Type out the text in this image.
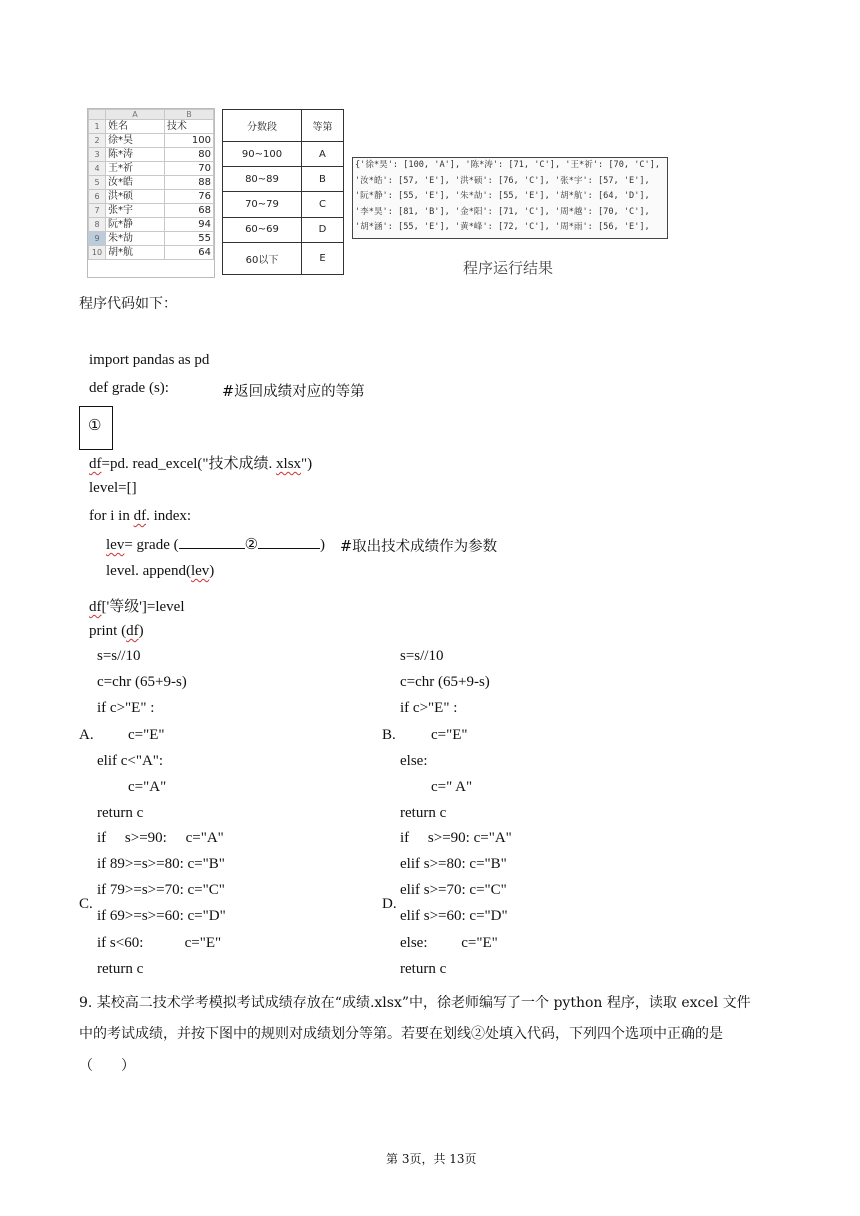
	A	B
1	姓名	技术
2	徐*昊	100
3	陈*涛	80
4	王*祈	70
5	汝*皓	88
6	洪*硕	76
7	张*宇	68
8	阮*静	94
9	朱*劼	55
10	胡*航	64
分数段	等第
90~100	A
80~89	B
70~79	C
60~69	D
60以下	E
{'徐*昊': [100, 'A'], '陈*涛': [71, 'C'], '王*祈': [70, 'C'],
'汝*皓': [57, 'E'], '洪*硕': [76, 'C'], '张*宇': [57, 'E'],
'阮*静': [55, 'E'], '朱*劼': [55, 'E'], '胡*航': [64, 'D'],
'李*昊': [81, 'B'], '金*阳': [71, 'C'], '周*越': [70, 'C'],
'胡*涵': [55, 'E'], '黄*峰': [72, 'C'], '周*雨': [56, 'E'],
程序运行结果
程序代码如下：
import pandas as pd
def grade (s):	#返回成绩对应的等第
①
df=pd. read_excel("技术成绩. xlsx")
level=[]
for i in df. index:
lev= grade (	②	) #取出技术成绩作为参数
level. append(lev)
df['等级']=level
print (df)
A.
s=s//10
c=chr (65+9-s)
if c>"E" :
c="E"
elif c<"A":
c="A"
return c
B.
s=s//10
c=chr (65+9-s)
if c>"E" :
c="E"
else:
c=" A"
return c
C.
if     s>=90:     c="A"
if 89>=s>=80: c="B"
if 79>=s>=70: c="C"
if 69>=s>=60: c="D"
if s<60:           c="E"
return c
D.
if     s>=90: c="A"
elif s>=80: c="B"
elif s>=70: c="C"
elif s>=60: c="D"
else:         c="E"
return c
9. 某校高二技术学考模拟考试成绩存放在“成绩.xlsx”中，徐老师编写了一个 python 程序，读取 excel 文件
中的考试成绩，并按下图中的规则对成绩划分等第。若要在划线②处填入代码，下列四个选项中正确的是
（　　）
第 3页，共 13页
